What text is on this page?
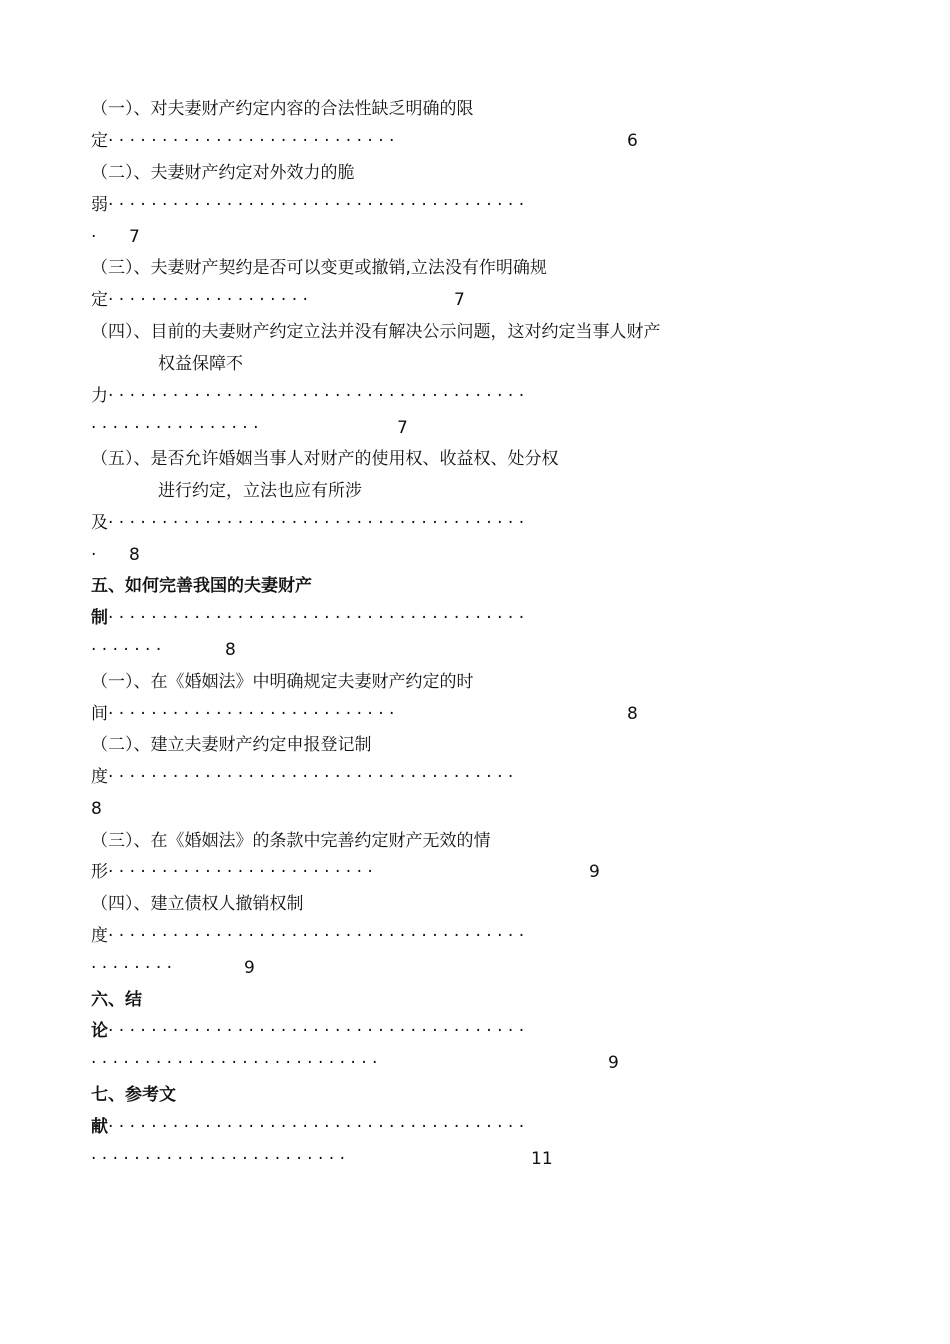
（一）、对夫妻财产约定内容的合法性缺乏明确的限

定· · · · · · · · · · · · · · · · · · · · · · · · · · ·	6

（二）、夫妻财产约定对外效力的脆

弱· · · · · · · · · · · · · · · · · · · · · · · · · · · · · · · · · · · · · · ·

· 7

（三）、夫妻财产契约是否可以变更或撤销,立法没有作明确规

定· · · · · · · · · · · · · · · · · · ·	7

（四）、目前的夫妻财产约定立法并没有解决公示问题，这对约定当事人财产

权益保障不

力· · · · · · · · · · · · · · · · · · · · · · · · · · · · · · · · · · · · · · ·

· · · · · · · · · · · · · · · ·	7

（五）、是否允许婚姻当事人对财产的使用权、收益权、处分权

进行约定，立法也应有所涉

及· · · · · · · · · · · · · · · · · · · · · · · · · · · · · · · · · · · · · · ·

· 8

五、如何完善我国的夫妻财产

制· · · · · · · · · · · · · · · · · · · · · · · · · · · · · · · · · · · · · · ·

· · · · · · ·	8

（一）、在《婚姻法》中明确规定夫妻财产约定的时

间· · · · · · · · · · · · · · · · · · · · · · · · · · ·	8

（二）、建立夫妻财产约定申报登记制

度· · · · · · · · · · · · · · · · · · · · · · · · · · · · · · · · · · · · · ·

8

（三）、在《婚姻法》的条款中完善约定财产无效的情

形· · · · · · · · · · · · · · · · · · · · · · · · ·	9

（四）、建立债权人撤销权制

度· · · · · · · · · · · · · · · · · · · · · · · · · · · · · · · · · · · · · · ·

· · · · · · · ·	9

六、结

论· · · · · · · · · · · · · · · · · · · · · · · · · · · · · · · · · · · · · · ·

· · · · · · · · · · · · · · · · · · · · · · · · · · ·	9

七、参考文

献· · · · · · · · · · · · · · · · · · · · · · · · · · · · · · · · · · · · · · ·

· · · · · · · · · · · · · · · · · · · · · · · ·	11
